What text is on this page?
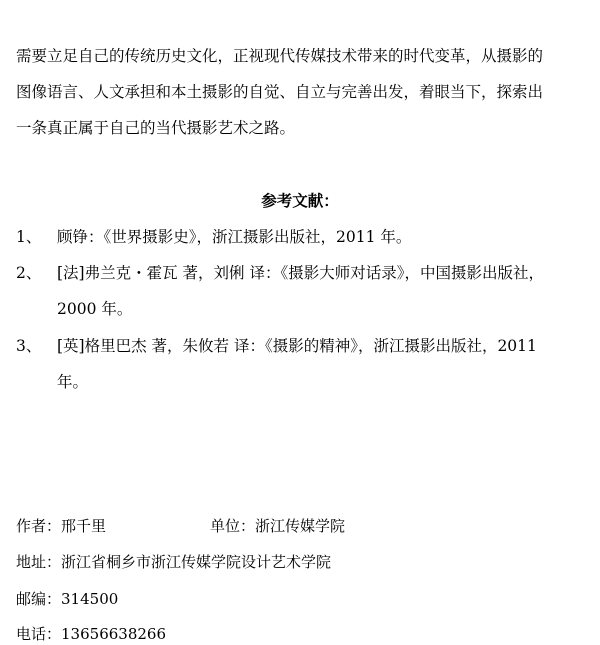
需要立足自己的传统历史文化，正视现代传媒技术带来的时代变革，从摄影的
图像语言、人文承担和本土摄影的自觉、自立与完善出发，着眼当下，探索出
一条真正属于自己的当代摄影艺术之路。
参考文献：
1、 顾铮：《世界摄影史》，浙江摄影出版社，2011 年。
2、 [法]弗兰克・霍瓦 著，刘俐 译：《摄影大师对话录》，中国摄影出版社，
2000 年。
3、 [英]格里巴杰 著，朱攸若 译：《摄影的精神》，浙江摄影出版社，2011
年。
作者：邢千里	单位：浙江传媒学院
地址：浙江省桐乡市浙江传媒学院设计艺术学院
邮编：314500
电话：13656638266
